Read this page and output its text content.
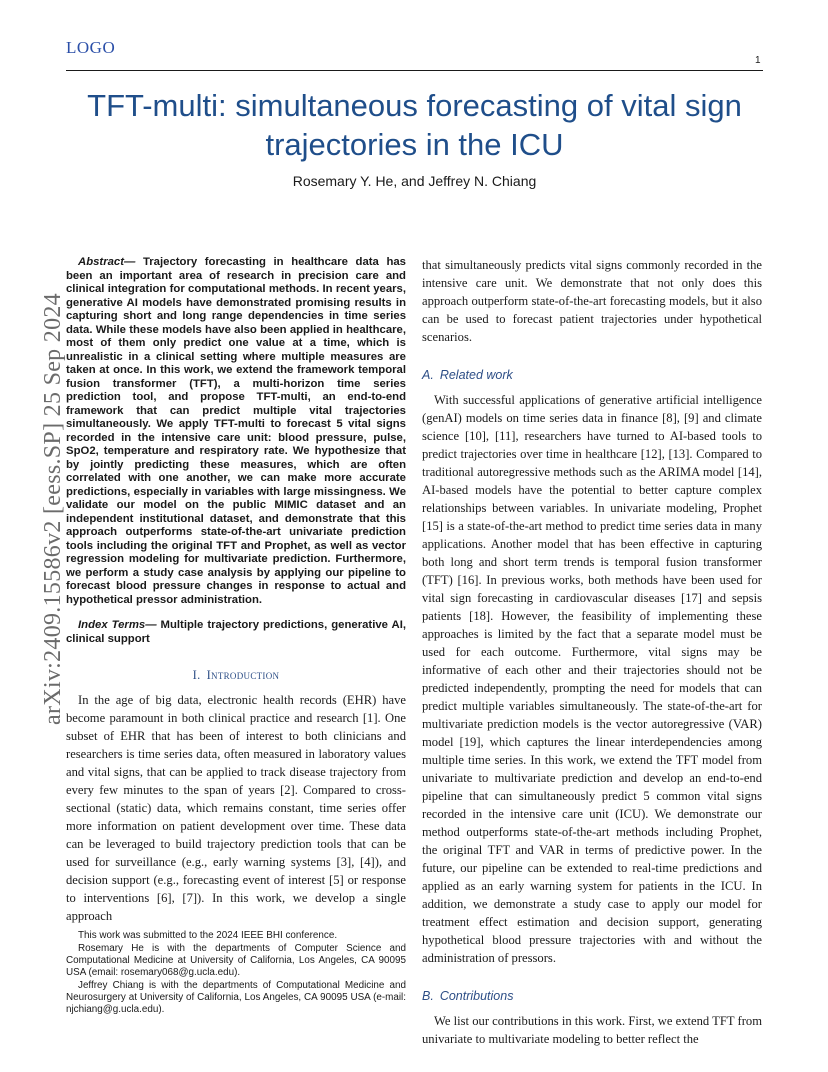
LOGO
1
TFT-multi: simultaneous forecasting of vital sign trajectories in the ICU
Rosemary Y. He, and Jeffrey N. Chiang
arXiv:2409.15586v2 [eess.SP] 25 Sep 2024

Abstract— Trajectory forecasting in healthcare data has been an important area of research in precision care and clinical integration for computational methods. In recent years, generative AI models have demonstrated promising results in capturing short and long range dependencies in time series data. While these models have also been applied in healthcare, most of them only predict one value at a time, which is unrealistic in a clinical setting where multiple measures are taken at once. In this work, we extend the framework temporal fusion transformer (TFT), a multi-horizon time series prediction tool, and propose TFT-multi, an end-to-end framework that can predict multiple vital trajectories simultaneously. We apply TFT-multi to forecast 5 vital signs recorded in the intensive care unit: blood pressure, pulse, SpO2, temperature and respiratory rate. We hypothesize that by jointly predicting these measures, which are often correlated with one another, we can make more accurate predictions, especially in variables with large missingness. We validate our model on the public MIMIC dataset and an independent institutional dataset, and demonstrate that this approach outperforms state-of-the-art univariate prediction tools including the original TFT and Prophet, as well as vector regression modeling for multivariate prediction. Furthermore, we perform a study case analysis by applying our pipeline to forecast blood pressure changes in response to actual and hypothetical pressor administration.

Index Terms— Multiple trajectory predictions, generative AI, clinical support

I. Introduction

In the age of big data, electronic health records (EHR) have become paramount in both clinical practice and research [1]. One subset of EHR that has been of interest to both clinicians and researchers is time series data, often measured in laboratory values and vital signs, that can be applied to track disease trajectory from every few minutes to the span of years [2]. Compared to cross-sectional (static) data, which remains constant, time series offer more information on patient development over time. These data can be leveraged to build trajectory prediction tools that can be used for surveillance (e.g., early warning systems [3], [4]), and decision support (e.g., forecasting event of interest [5] or response to interventions [6], [7]). In this work, we develop a single approach

This work was submitted to the 2024 IEEE BHI conference.

Rosemary He is with the departments of Computer Science and Computational Medicine at University of California, Los Angeles, CA 90095 USA (email: rosemary068@g.ucla.edu).

Jeffrey Chiang is with the departments of Computational Medicine and Neurosurgery at University of California, Los Angeles, CA 90095 USA (e-mail: njchiang@g.ucla.edu).

that simultaneously predicts vital signs commonly recorded in the intensive care unit. We demonstrate that not only does this approach outperform state-of-the-art forecasting models, but it also can be used to forecast patient trajectories under hypothetical scenarios.

A. Related work

With successful applications of generative artificial intelligence (genAI) models on time series data in finance [8], [9] and climate science [10], [11], researchers have turned to AI-based tools to predict trajectories over time in healthcare [12], [13]. Compared to traditional autoregressive methods such as the ARIMA model [14], AI-based models have the potential to better capture complex relationships between variables. In univariate modeling, Prophet [15] is a state-of-the-art method to predict time series data in many applications. Another model that has been effective in capturing both long and short term trends is temporal fusion transformer (TFT) [16]. In previous works, both methods have been used for vital sign forecasting in cardiovascular diseases [17] and sepsis patients [18]. However, the feasibility of implementing these approaches is limited by the fact that a separate model must be used for each outcome. Furthermore, vital signs may be informative of each other and their trajectories should not be predicted independently, prompting the need for models that can predict multiple variables simultaneously. The state-of-the-art for multivariate prediction models is the vector autoregressive (VAR) model [19], which captures the linear interdependencies among multiple time series. In this work, we extend the TFT model from univariate to multivariate prediction and develop an end-to-end pipeline that can simultaneously predict 5 common vital signs recorded in the intensive care unit (ICU). We demonstrate our method outperforms state-of-the-art methods including Prophet, the original TFT and VAR in terms of predictive power. In the future, our pipeline can be extended to real-time predictions and applied as an early warning system for patients in the ICU. In addition, we demonstrate a study case to apply our model for treatment effect estimation and decision support, generating hypothetical blood pressure trajectories with and without the administration of pressors.

B. Contributions

We list our contributions in this work. First, we extend TFT from univariate to multivariate modeling to better reflect the
